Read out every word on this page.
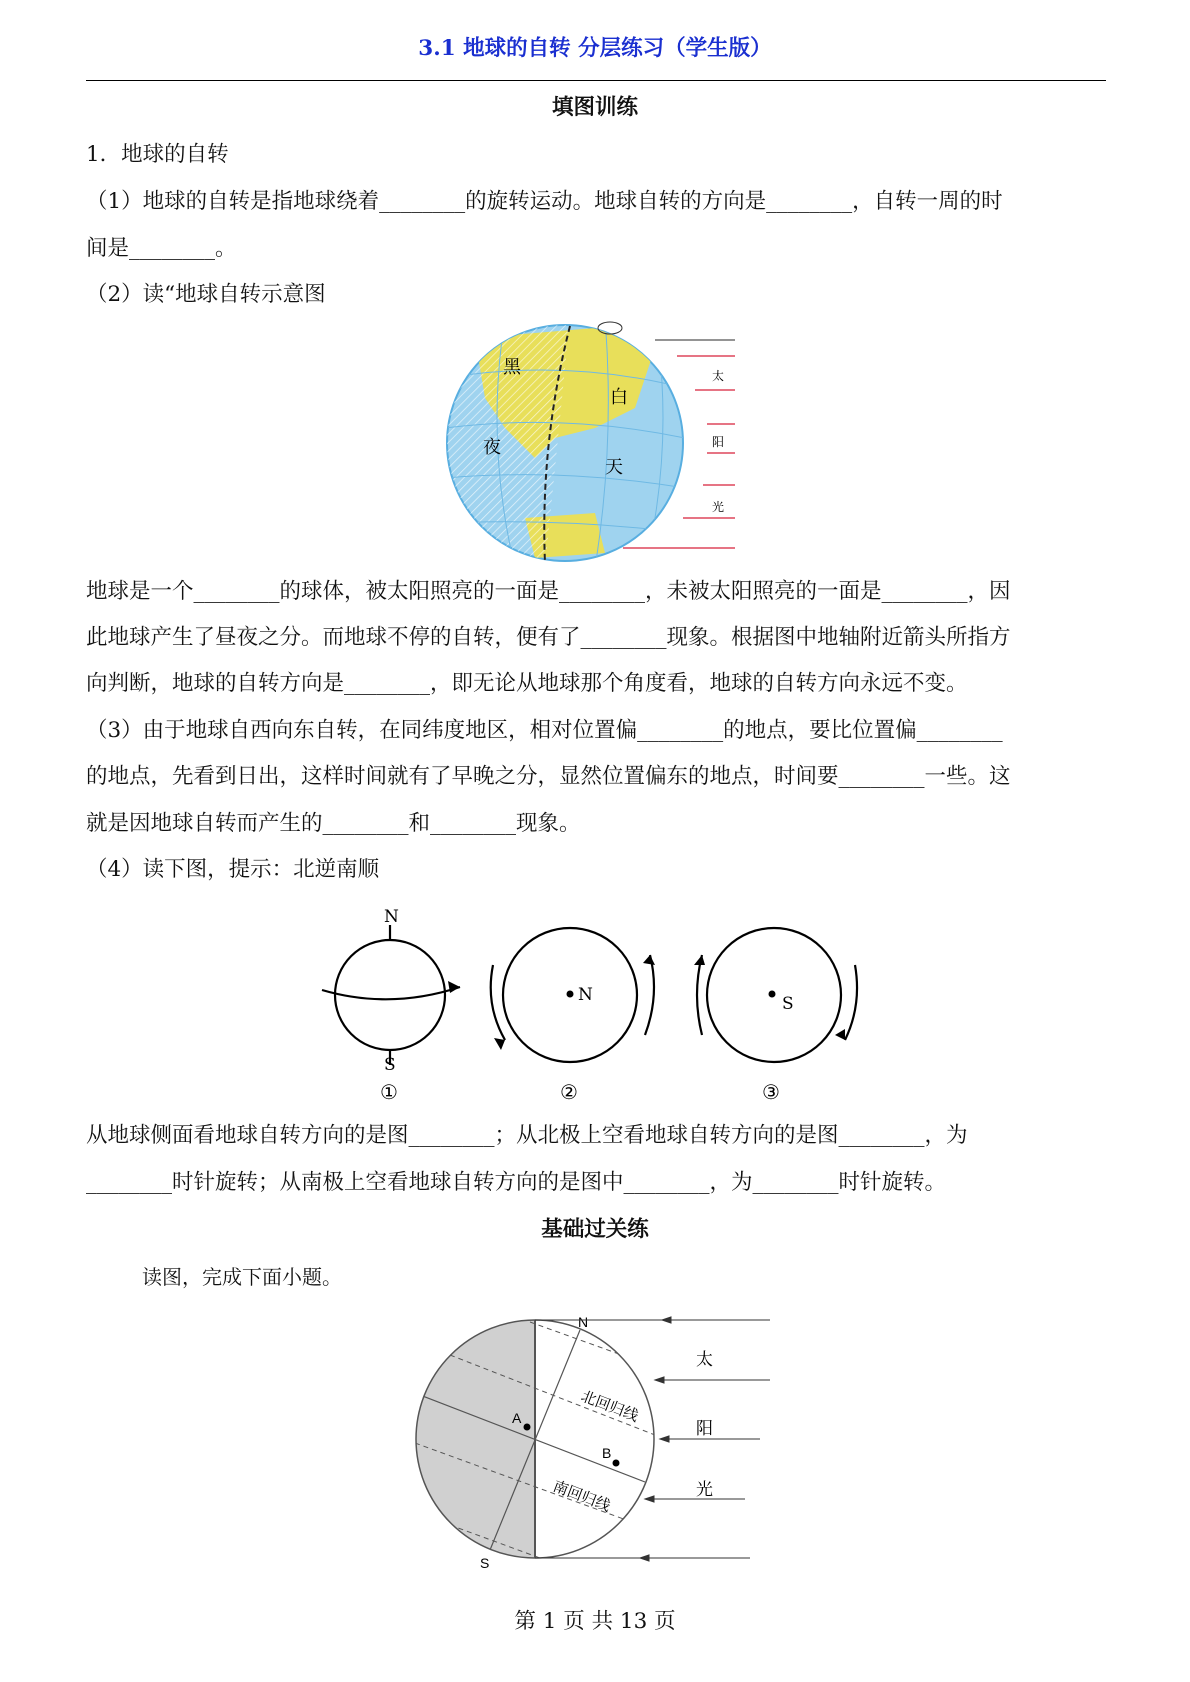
3.1 地球的自转 分层练习（学生版）
填图训练
1．地球的自转
（1）地球的自转是指地球绕着________的旋转运动。地球自转的方向是________，自转一周的时
间是________。
（2）读“地球自转示意图
黑
夜
白
天
太
阳
光
地球是一个________的球体，被太阳照亮的一面是________，未被太阳照亮的一面是________，因
此地球产生了昼夜之分。而地球不停的自转，便有了________现象。根据图中地轴附近箭头所指方
向判断，地球的自转方向是________，即无论从地球那个角度看，地球的自转方向永远不变。
（3）由于地球自西向东自转，在同纬度地区，相对位置偏________的地点，要比位置偏________
的地点，先看到日出，这样时间就有了早晚之分，显然位置偏东的地点，时间要________一些。这
就是因地球自转而产生的________和________现象。
（4）读下图，提示：北逆南顺
N
S
N	S
①	②	③
从地球侧面看地球自转方向的是图________；从北极上空看地球自转方向的是图________，为
________时针旋转；从南极上空看地球自转方向的是图中________，为________时针旋转。
基础过关练
读图，完成下面小题。
N
S
A
B
北回归线
南回归线
太
阳
光
第 1 页 共 13 页
